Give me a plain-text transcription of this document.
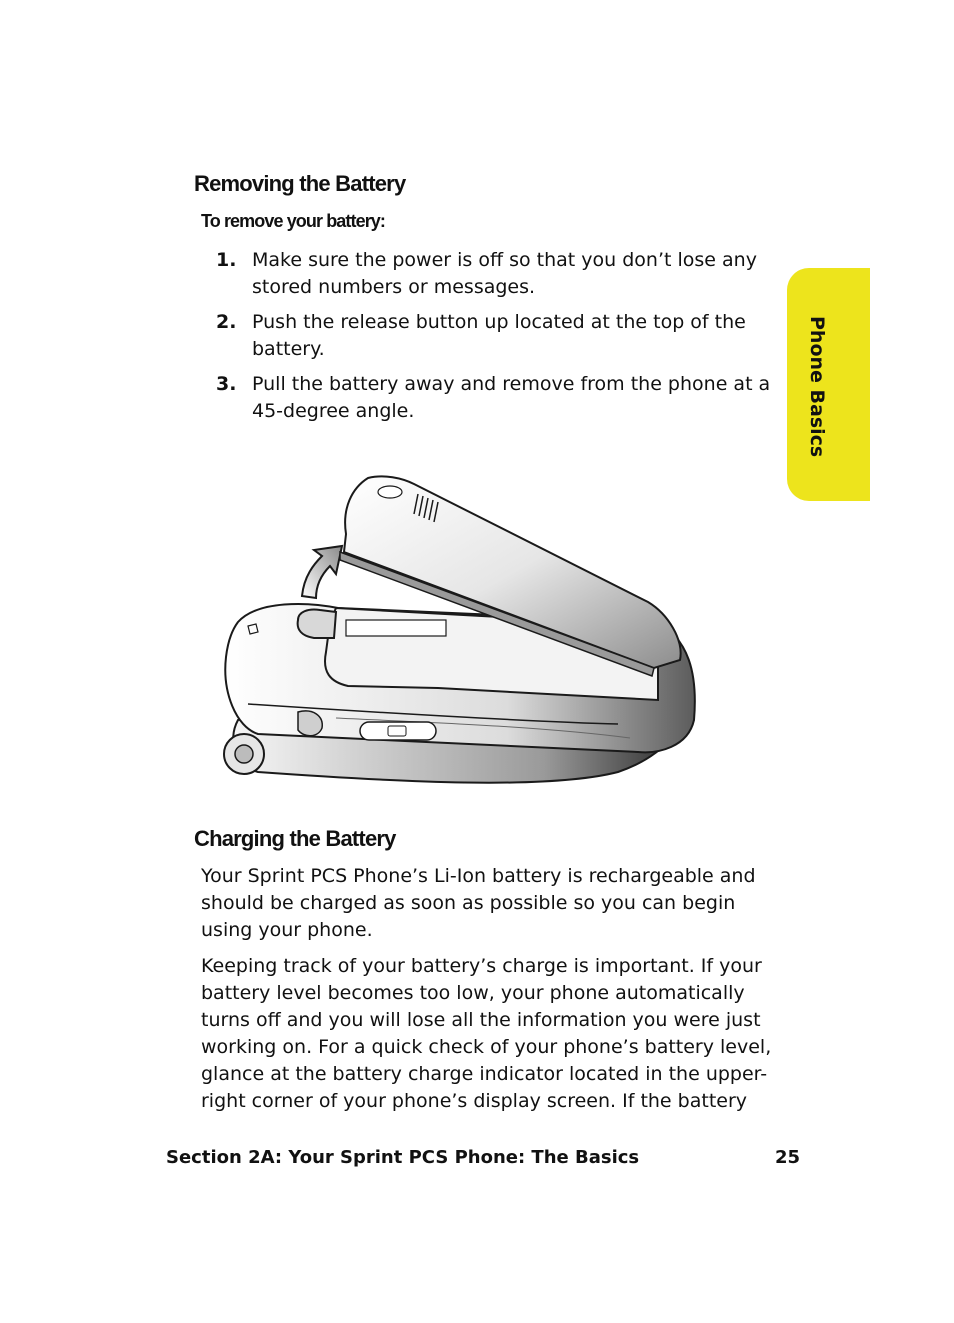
Phone Basics
Removing the Battery

To remove your battery:

1. Make sure the power is off so that you don’t lose any stored numbers or messages.
2. Push the release button up located at the top of the battery.
3. Pull the battery away and remove from the phone at a 45-degree angle.
Charging the Battery

Your Sprint PCS Phone’s Li-Ion battery is rechargeable and should be charged as soon as possible so you can begin using your phone.

Keeping track of your battery’s charge is important. If your battery level becomes too low, your phone automatically turns off and you will lose all the information you were just working on. For a quick check of your phone’s battery level, glance at the battery charge indicator located in the upper-right corner of your phone’s display screen. If the battery

Section 2A: Your Sprint PCS Phone: The Basics	25
